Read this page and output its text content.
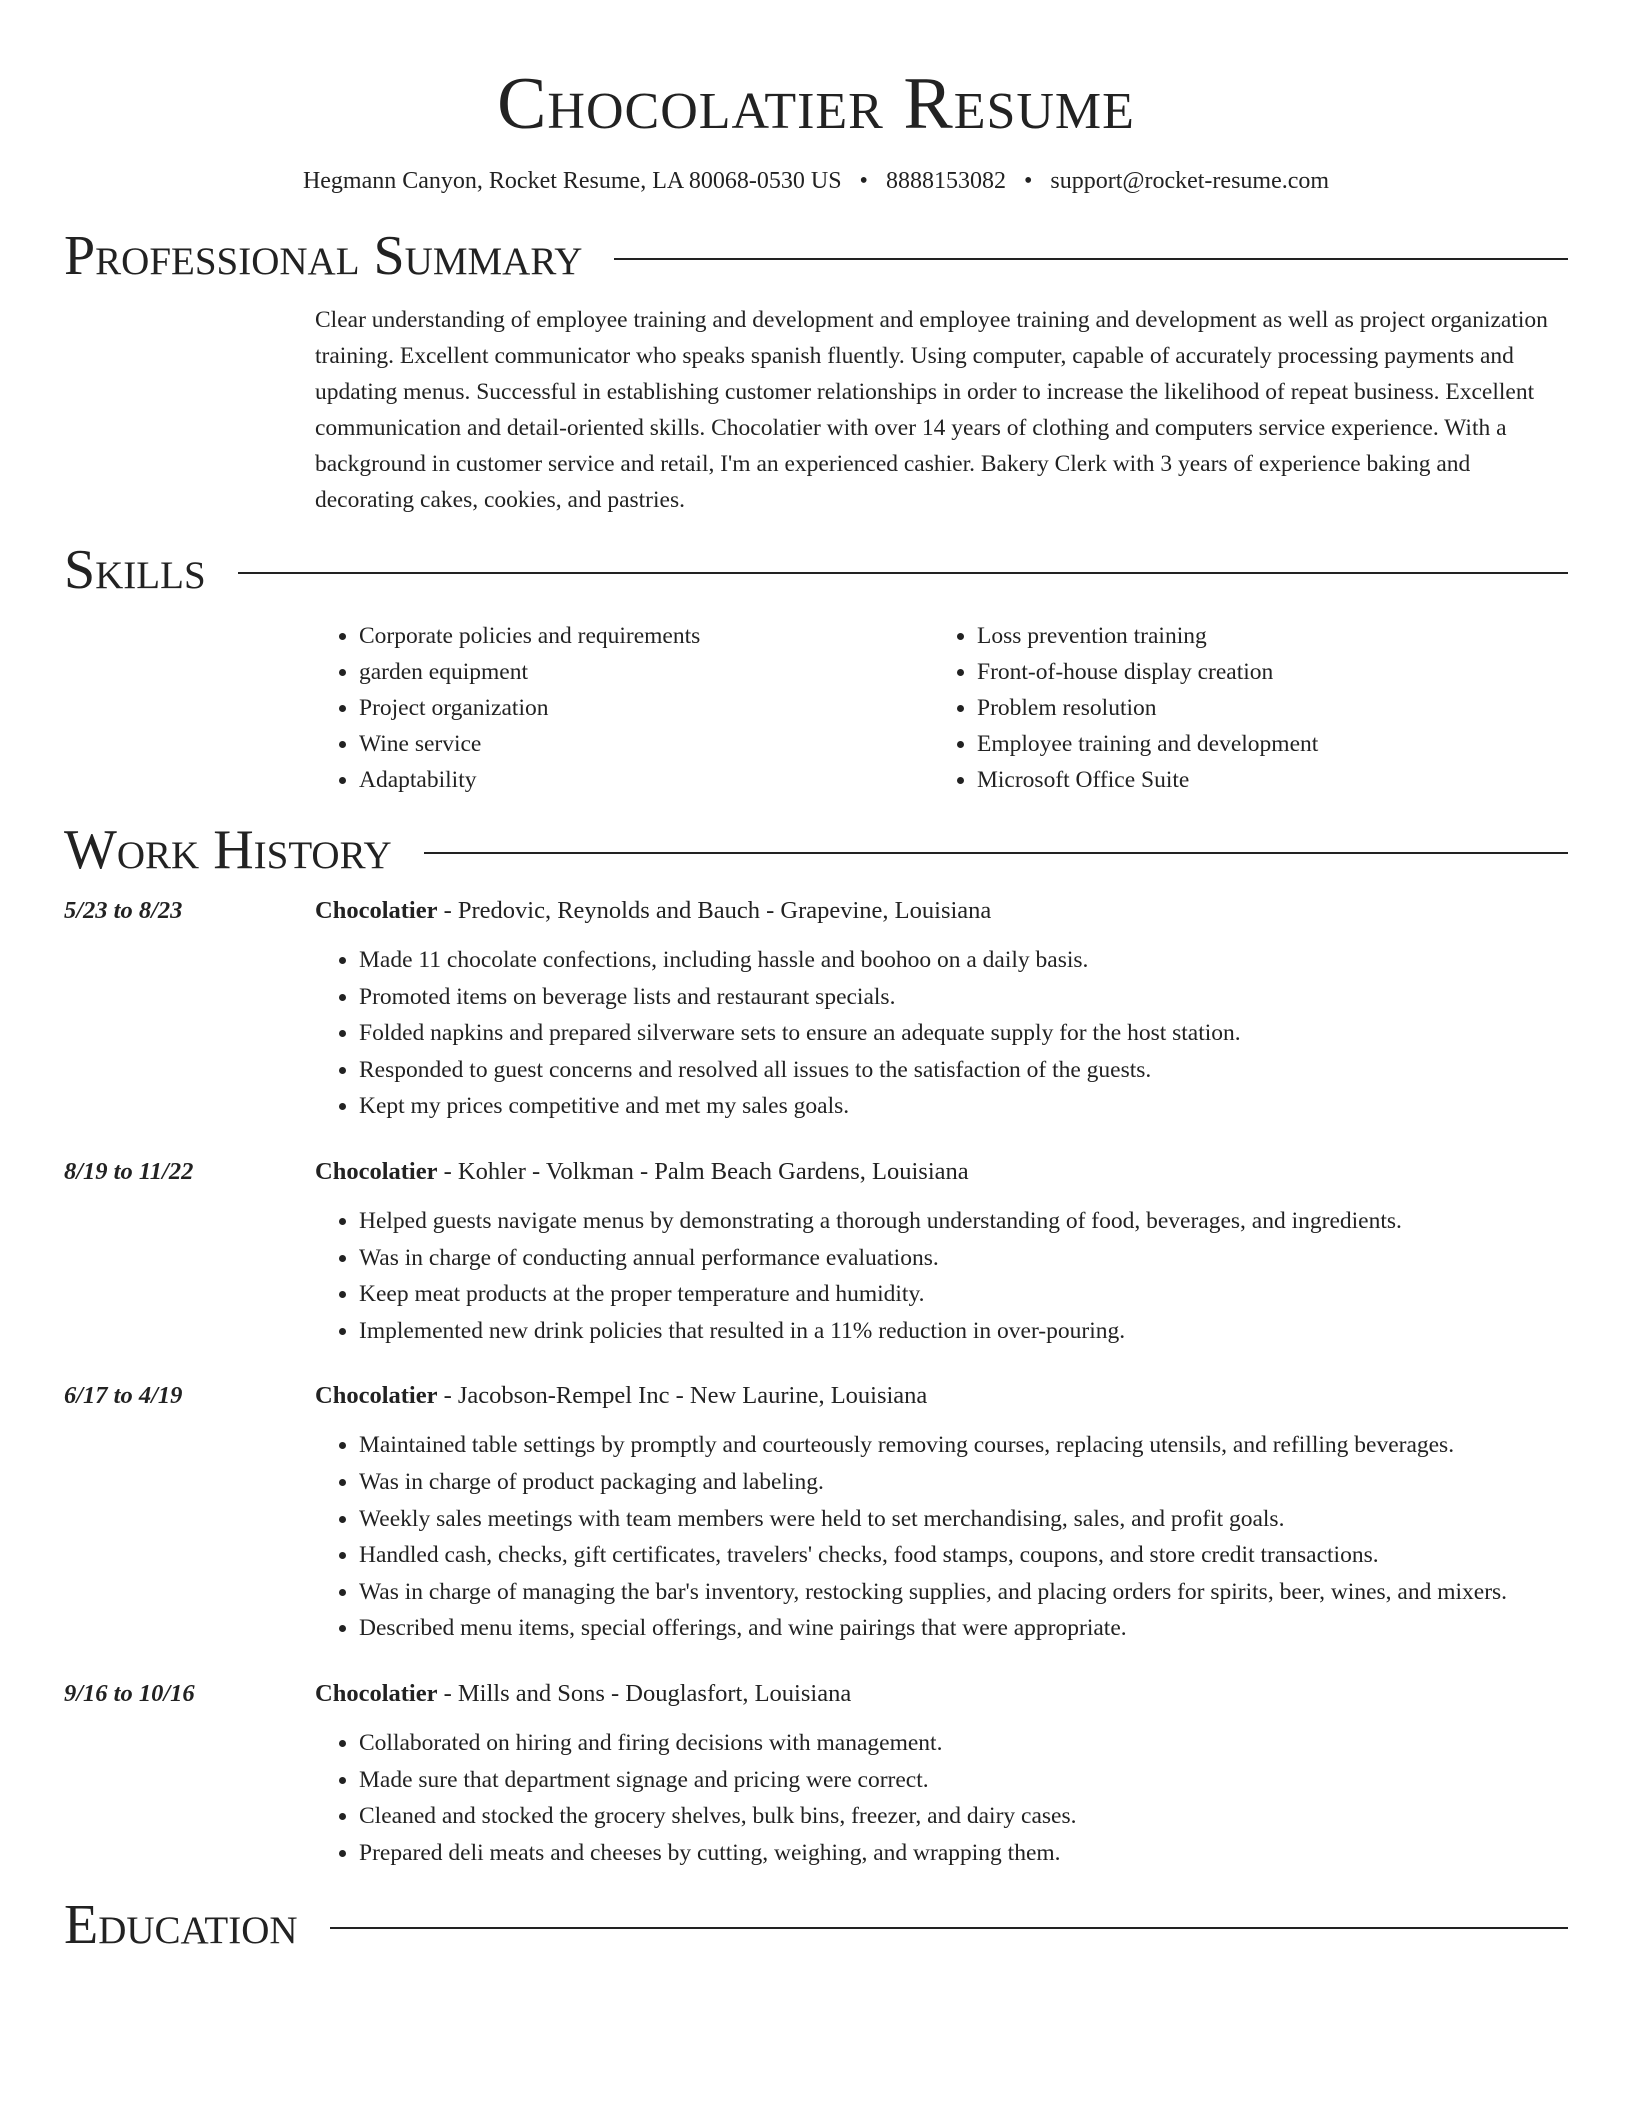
Chocolatier Resume
Hegmann Canyon, Rocket Resume, LA 80068-0530 US • 8888153082 • support@rocket-resume.com
Professional Summary
Clear understanding of employee training and development and employee training and development as well as project organization training. Excellent communicator who speaks spanish fluently. Using computer, capable of accurately processing payments and updating menus. Successful in establishing customer relationships in order to increase the likelihood of repeat business. Excellent communication and detail-oriented skills. Chocolatier with over 14 years of clothing and computers service experience. With a background in customer service and retail, I'm an experienced cashier. Bakery Clerk with 3 years of experience baking and decorating cakes, cookies, and pastries.
Skills
• Corporate policies and requirements
• garden equipment
• Project organization
• Wine service
• Adaptability
• Loss prevention training
• Front-of-house display creation
• Problem resolution
• Employee training and development
• Microsoft Office Suite
Work History
5/23 to 8/23	Chocolatier - Predovic, Reynolds and Bauch - Grapevine, Louisiana
• Made 11 chocolate confections, including hassle and boohoo on a daily basis.
• Promoted items on beverage lists and restaurant specials.
• Folded napkins and prepared silverware sets to ensure an adequate supply for the host station.
• Responded to guest concerns and resolved all issues to the satisfaction of the guests.
• Kept my prices competitive and met my sales goals.
8/19 to 11/22	Chocolatier - Kohler - Volkman - Palm Beach Gardens, Louisiana
• Helped guests navigate menus by demonstrating a thorough understanding of food, beverages, and ingredients.
• Was in charge of conducting annual performance evaluations.
• Keep meat products at the proper temperature and humidity.
• Implemented new drink policies that resulted in a 11% reduction in over-pouring.
6/17 to 4/19	Chocolatier - Jacobson-Rempel Inc - New Laurine, Louisiana
• Maintained table settings by promptly and courteously removing courses, replacing utensils, and refilling beverages.
• Was in charge of product packaging and labeling.
• Weekly sales meetings with team members were held to set merchandising, sales, and profit goals.
• Handled cash, checks, gift certificates, travelers' checks, food stamps, coupons, and store credit transactions.
• Was in charge of managing the bar's inventory, restocking supplies, and placing orders for spirits, beer, wines, and mixers.
• Described menu items, special offerings, and wine pairings that were appropriate.
9/16 to 10/16	Chocolatier - Mills and Sons - Douglasfort, Louisiana
• Collaborated on hiring and firing decisions with management.
• Made sure that department signage and pricing were correct.
• Cleaned and stocked the grocery shelves, bulk bins, freezer, and dairy cases.
• Prepared deli meats and cheeses by cutting, weighing, and wrapping them.
Education
